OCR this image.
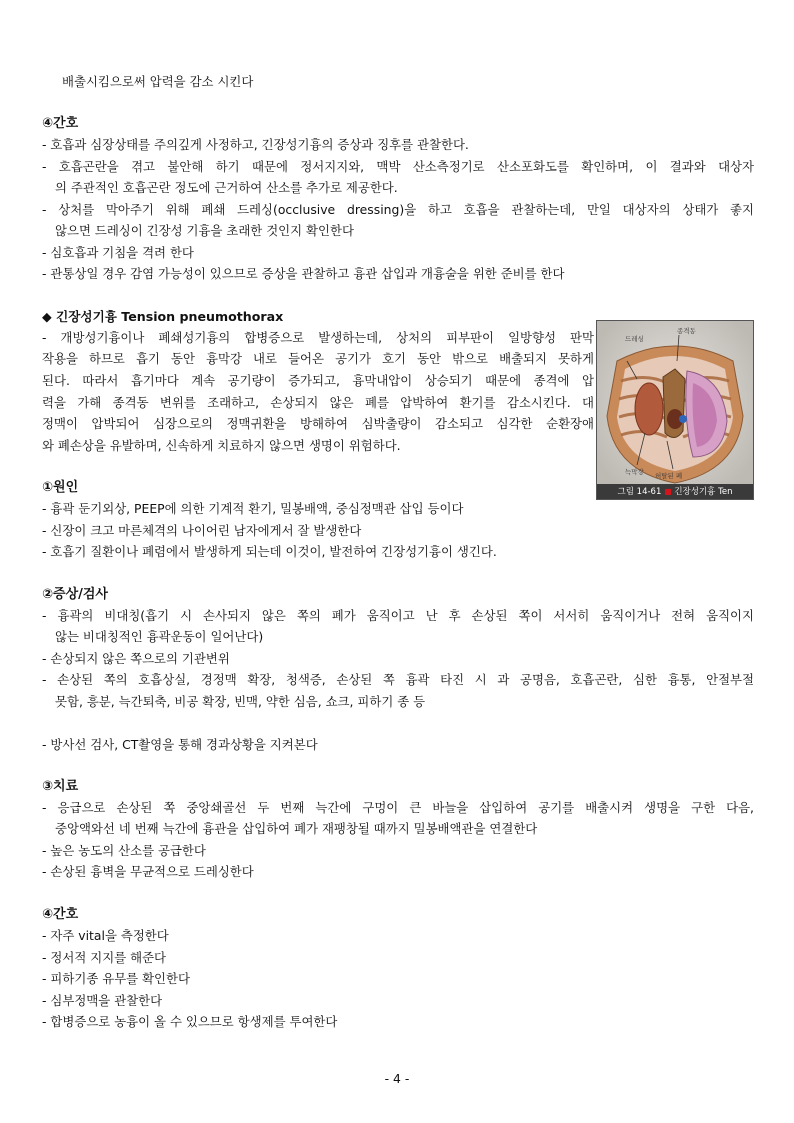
배출시킴으로써 압력을 감소 시킨다
④간호
- 호흡과 심장상태를 주의깊게 사정하고, 긴장성기흉의 증상과 징후를 관찰한다.
- 호흡곤란을 겪고 불안해 하기 때문에 정서지지와, 맥박 산소측정기로 산소포화도를 확인하며, 이 결과와 대상자
의 주관적인 호흡곤란 정도에 근거하여 산소를 추가로 제공한다.
- 상처를 막아주기 위해 폐쇄 드레싱(occlusive dressing)을 하고 호흡을 관찰하는데, 만일 대상자의 상태가 좋지
않으면 드레싱이 긴장성 기흉을 초래한 것인지 확인한다
- 심호흡과 기침을 격려 한다
- 관통상일 경우 감염 가능성이 있으므로 증상을 관찰하고 흉관 삽입과 개흉술을 위한 준비를 한다
◆ 긴장성기흉 Tension pneumothorax
- 개방성기흉이나 폐쇄성기흉의 합병증으로 발생하는데, 상처의 피부판이 일방향성 판막
작용을 하므로 흡기 동안 흉막강 내로 들어온 공기가 호기 동안 밖으로 배출되지 못하게
된다. 따라서 흡기마다 계속 공기량이 증가되고, 흉막내압이 상승되기 때문에 종격에 압
력을 가해 종격동 변위를 조래하고, 손상되지 않은 폐를 압박하여 환기를 감소시킨다. 대
정맥이 압박되어 심장으로의 정맥귀환을 방해하여 심박출량이 감소되고 심각한 순환장애
와 폐손상을 유발하며, 신속하게 치료하지 않으면 생명이 위험하다.
①원인
- 흉곽 둔기외상, PEEP에 의한 기계적 환기, 밀봉배액, 중심정맥관 삽입 등이다
- 신장이 크고 마른체격의 나이어린 남자에게서 잘 발생한다
- 호흡기 질환이나 폐렴에서 발생하게 되는데 이것이, 발전하여 긴장성기흉이 생긴다.
②증상/검사
- 흉곽의 비대칭(흡기 시 손사되지 않은 쪽의 폐가 움직이고 난 후 손상된 쪽이 서서히 움직이거나 전혀 움직이지
않는 비대칭적인 흉곽운동이 일어난다)
- 손상되지 않은 쪽으로의 기관변위
- 손상된 쪽의 호흡상실, 경정맥 확장, 청색증, 손상된 쪽 흉곽 타진 시 과 공명음, 호흡곤란, 심한 흉통, 안절부절
못함, 흥분, 늑간퇴축, 비공 확장, 빈맥, 약한 심음, 쇼크, 피하기 종 등
- 방사선 검사, CT촬영을 통해 경과상황을 지켜본다
③치료
- 응급으로 손상된 쪽 중앙쇄골선 두 번째 늑간에 구멍이 큰 바늘을 삽입하여 공기를 배출시켜 생명을 구한 다음,
중앙액와선 네 번째 늑간에 흉관을 삽입하여 폐가 재팽창될 때까지 밀봉배액관을 연결한다
- 높은 농도의 산소를 공급한다
- 손상된 흉벽을 무균적으로 드레싱한다
④간호
- 자주 vital을 측정한다
- 정서적 지지를 해준다
- 피하기종 유무를 확인한다
- 심부정맥을 관찰한다
- 합병증으로 농흉이 올 수 있으므로 항생제를 투여한다
드레싱
종격동
늑막강 허탈된 폐
그림 14-61 ■ 긴장성기흉 Ten
- 4 -
